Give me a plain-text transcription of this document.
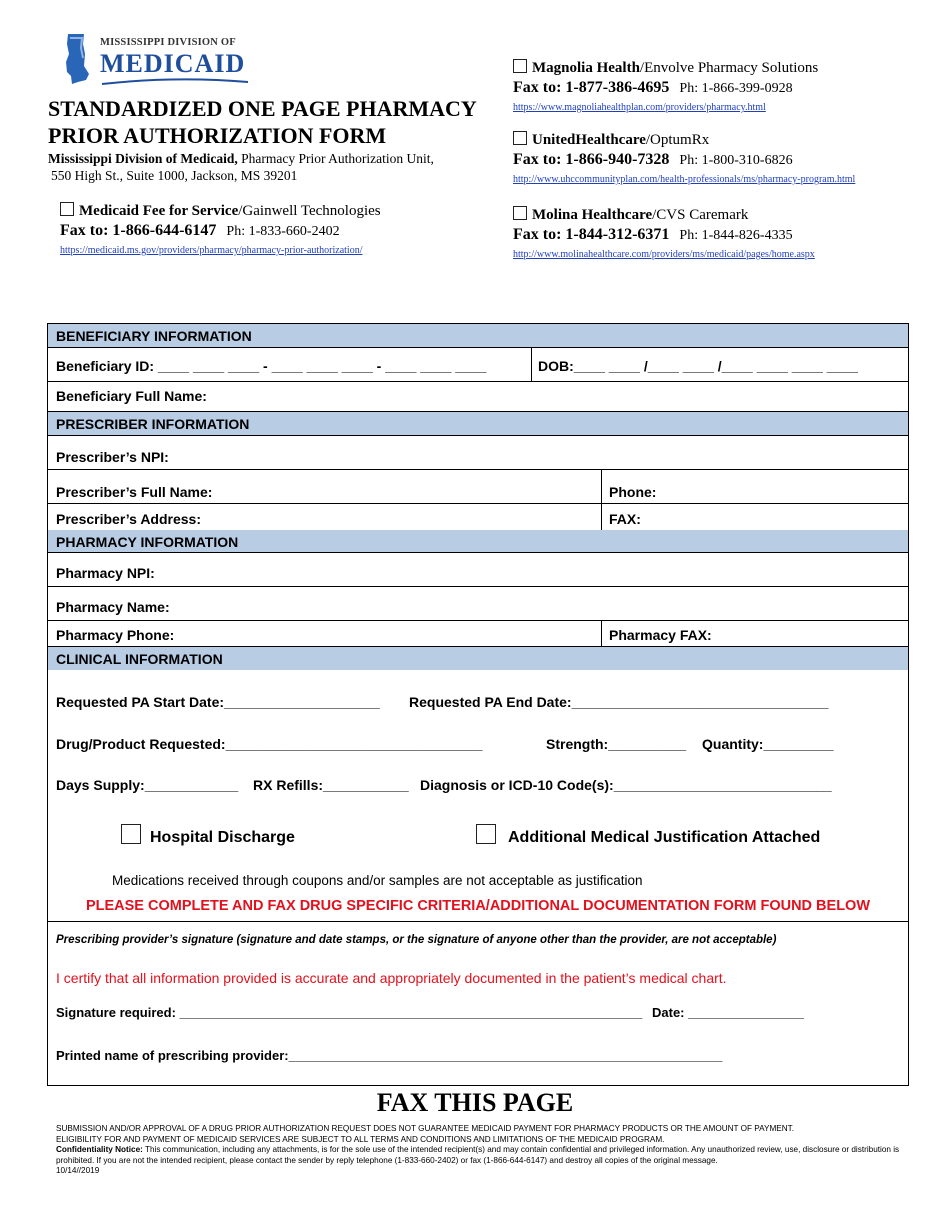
MISSISSIPPI DIVISION OF
MEDICAID
STANDARDIZED ONE PAGE PHARMACY
PRIOR AUTHORIZATION FORM
Mississippi Division of Medicaid, Pharmacy Prior Authorization Unit,
550 High St., Suite 1000, Jackson, MS 39201
Medicaid Fee for Service/Gainwell Technologies
Fax to: 1-866-644-6147 Ph: 1-833-660-2402
https://medicaid.ms.gov/providers/pharmacy/pharmacy-prior-authorization/
Magnolia Health/Envolve Pharmacy Solutions
Fax to: 1-877-386-4695 Ph: 1-866-399-0928
https://www.magnoliahealthplan.com/providers/pharmacy.html
UnitedHealthcare/OptumRx
Fax to: 1-866-940-7328 Ph: 1-800-310-6826
http://www.uhccommunityplan.com/health-professionals/ms/pharmacy-program.html
Molina Healthcare/CVS Caremark
Fax to: 1-844-312-6371 Ph: 1-844-826-4335
http://www.molinahealthcare.com/providers/ms/medicaid/pages/home.aspx
BENEFICIARY INFORMATION
Beneficiary ID: ____ ____ ____ - ____ ____ ____ - ____ ____ ____	DOB:____ ____ /____ ____ /____ ____ ____ ____
Beneficiary Full Name:
PRESCRIBER INFORMATION
Prescriber’s NPI:
Prescriber’s Full Name:	Phone:
Prescriber’s Address:	FAX:
PHARMACY INFORMATION
Pharmacy NPI:
Pharmacy Name:
Pharmacy Phone:	Pharmacy FAX:
CLINICAL INFORMATION
Requested PA Start Date:____________________ Requested PA End Date:_________________________________
Drug/Product Requested:_________________________________	Strength:__________ Quantity:_________
Days Supply:____________ RX Refills:___________ Diagnosis or ICD-10 Code(s):____________________________
Hospital Discharge	Additional Medical Justification Attached
Medications received through coupons and/or samples are not acceptable as justification
PLEASE COMPLETE AND FAX DRUG SPECIFIC CRITERIA/ADDITIONAL DOCUMENTATION FORM FOUND BELOW
Prescribing provider’s signature (signature and date stamps, or the signature of anyone other than the provider, are not acceptable)
I certify that all information provided is accurate and appropriately documented in the patient’s medical chart.
Signature required: ________________________________________________________________ Date: ________________
Printed name of prescribing provider:____________________________________________________________
FAX THIS PAGE
SUBMISSION AND/OR APPROVAL OF A DRUG PRIOR AUTHORIZATION REQUEST DOES NOT GUARANTEE MEDICAID PAYMENT FOR PHARMACY PRODUCTS OR THE AMOUNT OF PAYMENT.
ELIGIBILITY FOR AND PAYMENT OF MEDICAID SERVICES ARE SUBJECT TO ALL TERMS AND CONDITIONS AND LIMITATIONS OF THE MEDICAID PROGRAM.
Confidentiality Notice: This communication, including any attachments, is for the sole use of the intended recipient(s) and may contain confidential and privileged information. Any unauthorized review, use, disclosure or distribution is prohibited. If you are not the intended recipient, please contact the sender by reply telephone (1-833-660-2402) or fax (1-866-644-6147) and destroy all copies of the original message.
10/14//2019
